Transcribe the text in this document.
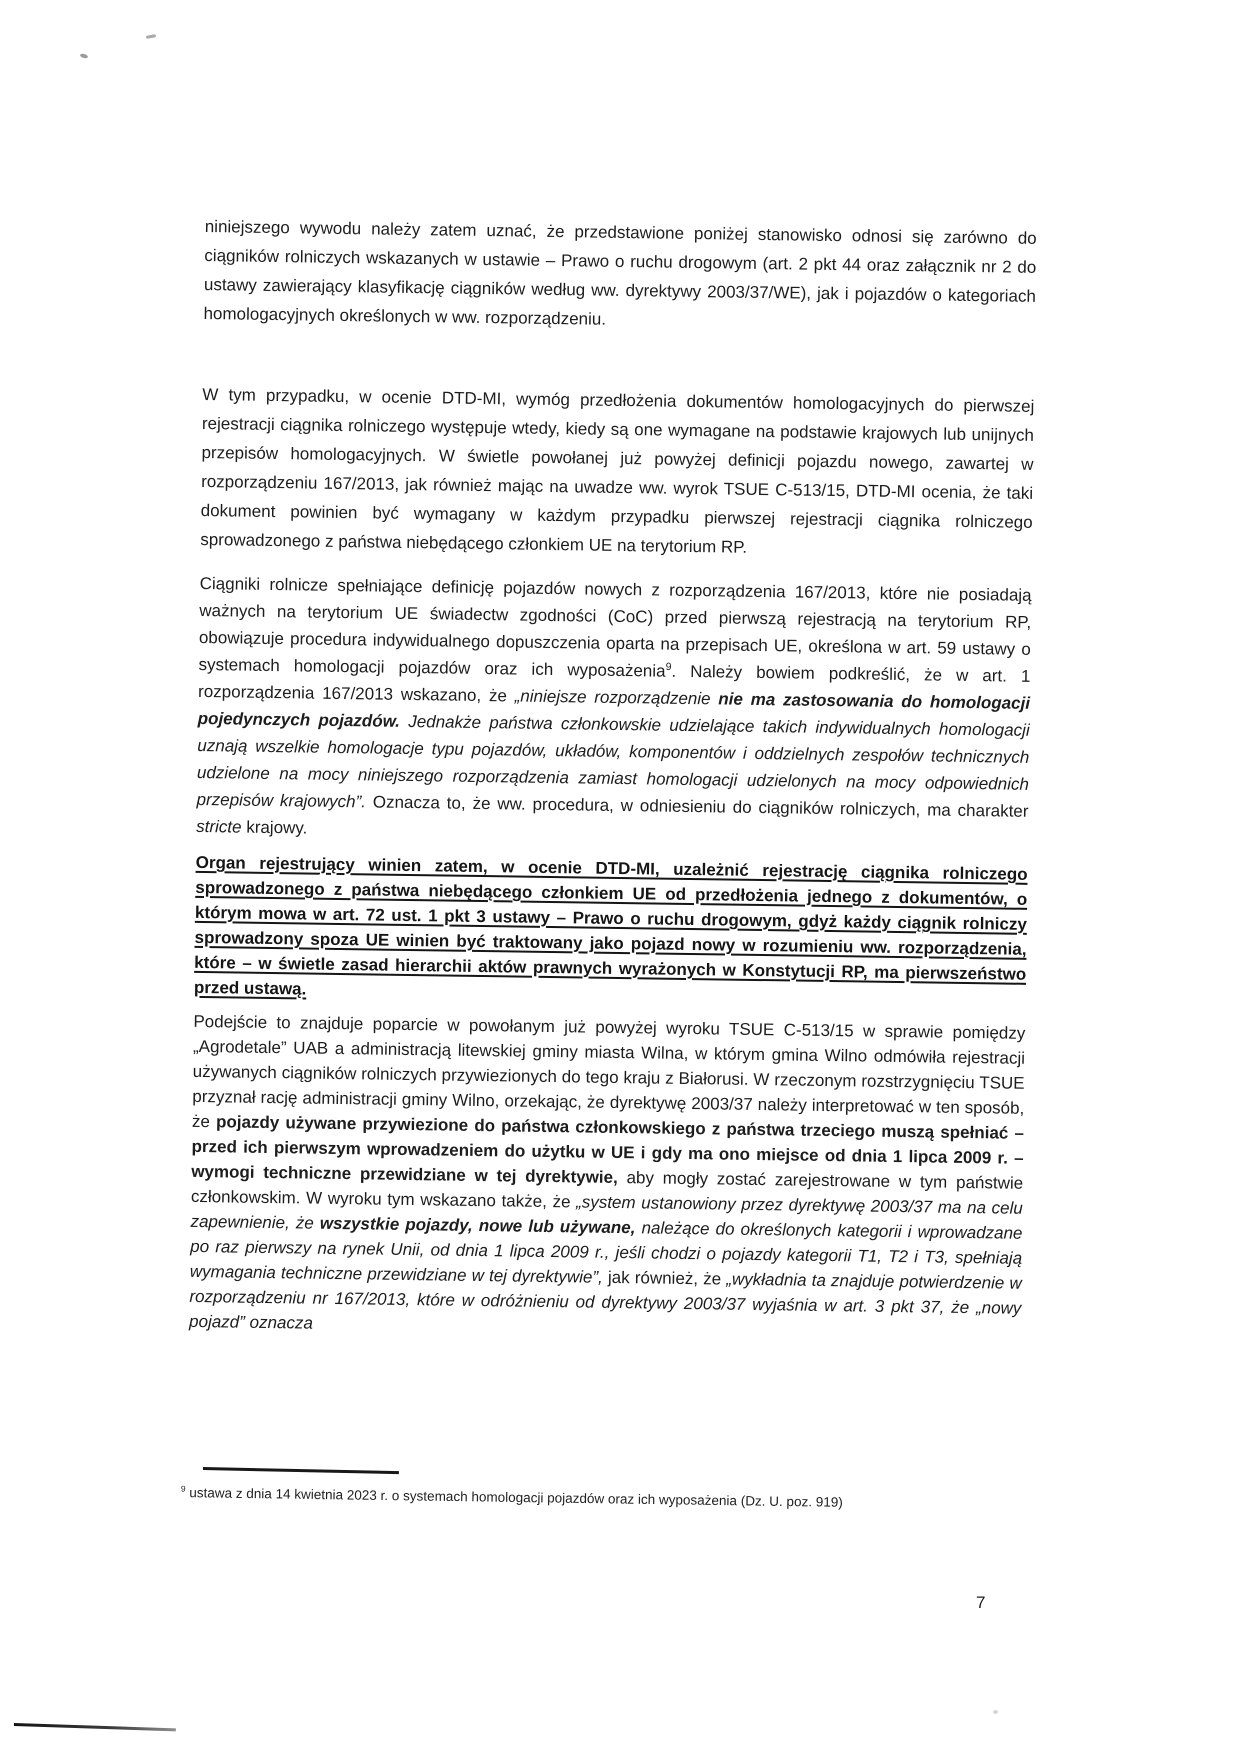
niniejszego wywodu należy zatem uznać, że przedstawione poniżej stanowisko odnosi się zarówno do ciągników rolniczych wskazanych w ustawie – Prawo o ruchu drogowym (art. 2 pkt 44 oraz załącznik nr 2 do ustawy zawierający klasyfikację ciągników według ww. dyrektywy 2003/37/WE), jak i pojazdów o kategoriach homologacyjnych określonych w ww. rozporządzeniu.

W tym przypadku, w ocenie DTD-MI, wymóg przedłożenia dokumentów homologacyjnych do pierwszej rejestracji ciągnika rolniczego występuje wtedy, kiedy są one wymagane na podstawie krajowych lub unijnych przepisów homologacyjnych. W świetle powołanej już powyżej definicji pojazdu nowego, zawartej w rozporządzeniu 167/2013, jak również mając na uwadze ww. wyrok TSUE C-513/15, DTD-MI ocenia, że taki dokument powinien być wymagany w każdym przypadku pierwszej rejestracji ciągnika rolniczego sprowadzonego z państwa niebędącego członkiem UE na terytorium RP.

Ciągniki rolnicze spełniające definicję pojazdów nowych z rozporządzenia 167/2013, które nie posiadają ważnych na terytorium UE świadectw zgodności (CoC) przed pierwszą rejestracją na terytorium RP, obowiązuje procedura indywidualnego dopuszczenia oparta na przepisach UE, określona w art. 59 ustawy o systemach homologacji pojazdów oraz ich wyposażenia$^9$. Należy bowiem podkreślić, że w art. 1 rozporządzenia 167/2013 wskazano, że „niniejsze rozporządzenie nie ma zastosowania do homologacji pojedynczych pojazdów. Jednakże państwa członkowskie udzielające takich indywidualnych homologacji uznają wszelkie homologacje typu pojazdów, układów, komponentów i oddzielnych zespołów technicznych udzielone na mocy niniejszego rozporządzenia zamiast homologacji udzielonych na mocy odpowiednich przepisów krajowych”. Oznacza to, że ww. procedura, w odniesieniu do ciągników rolniczych, ma charakter stricte krajowy.

Organ rejestrujący winien zatem, w ocenie DTD-MI, uzależnić rejestrację ciągnika rolniczego sprowadzonego z państwa niebędącego członkiem UE od przedłożenia jednego z dokumentów, o którym mowa w art. 72 ust. 1 pkt 3 ustawy – Prawo o ruchu drogowym, gdyż każdy ciągnik rolniczy sprowadzony spoza UE winien być traktowany jako pojazd nowy w rozumieniu ww. rozporządzenia, które – w świetle zasad hierarchii aktów prawnych wyrażonych w Konstytucji RP, ma pierwszeństwo przed ustawą.

Podejście to znajduje poparcie w powołanym już powyżej wyroku TSUE C-513/15 w sprawie pomiędzy „Agrodetale” UAB a administracją litewskiej gminy miasta Wilna, w którym gmina Wilno odmówiła rejestracji używanych ciągników rolniczych przywiezionych do tego kraju z Białorusi. W rzeczonym rozstrzygnięciu TSUE przyznał rację administracji gminy Wilno, orzekając, że dyrektywę 2003/37 należy interpretować w ten sposób, że pojazdy używane przywiezione do państwa członkowskiego z państwa trzeciego muszą spełniać – przed ich pierwszym wprowadzeniem do użytku w UE i gdy ma ono miejsce od dnia 1 lipca 2009 r. – wymogi techniczne przewidziane w tej dyrektywie, aby mogły zostać zarejestrowane w tym państwie członkowskim. W wyroku tym wskazano także, że „system ustanowiony przez dyrektywę 2003/37 ma na celu zapewnienie, że wszystkie pojazdy, nowe lub używane, należące do określonych kategorii i wprowadzane po raz pierwszy na rynek Unii, od dnia 1 lipca 2009 r., jeśli chodzi o pojazdy kategorii T1, T2 i T3, spełniają wymagania techniczne przewidziane w tej dyrektywie”, jak również, że „wykładnia ta znajduje potwierdzenie w rozporządzeniu nr 167/2013, które w odróżnieniu od dyrektywy 2003/37 wyjaśnia w art. 3 pkt 37, że „nowy pojazd” oznacza

$^9$ ustawa z dnia 14 kwietnia 2023 r. o systemach homologacji pojazdów oraz ich wyposażenia (Dz. U. poz. 919)
7
